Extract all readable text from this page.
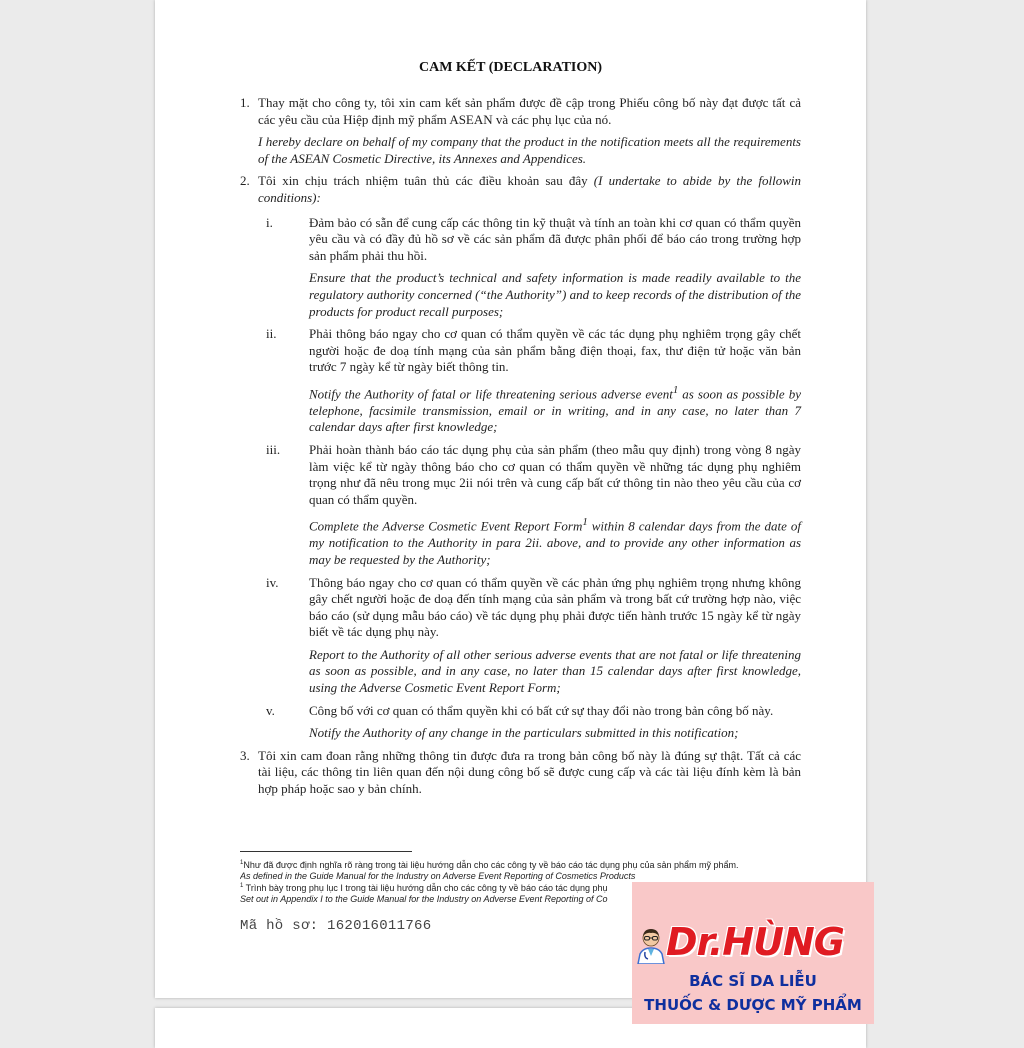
CAM KẾT (DECLARATION)
1. Thay mặt cho công ty, tôi xin cam kết sản phẩm được đề cập trong Phiếu công bố này đạt được tất cả các yêu cầu của Hiệp định mỹ phẩm ASEAN và các phụ lục của nó.

I hereby declare on behalf of my company that the product in the notification meets all the requirements of the ASEAN Cosmetic Directive, its Annexes and Appendices.

2. Tôi xin chịu trách nhiệm tuân thủ các điều khoản sau đây (I undertake to abide by the followin conditions):

i.	Đảm bảo có sẵn để cung cấp các thông tin kỹ thuật và tính an toàn khi cơ quan có thẩm quyền yêu cầu và có đầy đủ hồ sơ về các sản phẩm đã được phân phối để báo cáo trong trường hợp sản phẩm phải thu hồi.

Ensure that the product’s technical and safety information is made readily available to the regulatory authority concerned (“the Authority”) and to keep records of the distribution of the products for product recall purposes;

ii.	Phải thông báo ngay cho cơ quan có thẩm quyền về các tác dụng phụ nghiêm trọng gây chết người hoặc đe doạ tính mạng của sản phẩm bằng điện thoại, fax, thư điện tử hoặc văn bản trước 7 ngày kể từ ngày biết thông tin.

Notify the Authority of fatal or life threatening serious adverse event$^1$ as soon as possible by telephone, facsimile transmission, email or in writing, and in any case, no later than 7 calendar days after first knowledge;

iii. Phải hoàn thành báo cáo tác dụng phụ của sản phẩm (theo mẫu quy định) trong vòng 8 ngày làm việc kể từ ngày thông báo cho cơ quan có thẩm quyền về những tác dụng phụ nghiêm trọng như đã nêu trong mục 2ii nói trên và cung cấp bất cứ thông tin nào theo yêu cầu của cơ quan có thẩm quyền.

Complete the Adverse Cosmetic Event Report Form$^1$ within 8 calendar days from the date of my notification to the Authority in para 2ii. above, and to provide any other information as may be requested by the Authority;

iv. Thông báo ngay cho cơ quan có thẩm quyền về các phản ứng phụ nghiêm trọng nhưng không gây chết người hoặc đe doạ đến tính mạng của sản phẩm và trong bất cứ trường hợp nào, việc báo cáo (sử dụng mẫu báo cáo) về tác dụng phụ phải được tiến hành trước 15 ngày kể từ ngày biết về tác dụng phụ này.

Report to the Authority of all other serious adverse events that are not fatal or life threatening as soon as possible, and in any case, no later than 15 calendar days after first knowledge, using the Adverse Cosmetic Event Report Form;

v.	Công bố với cơ quan có thẩm quyền khi có bất cứ sự thay đổi nào trong bản công bố này.

Notify the Authority of any change in the particulars submitted in this notification;

3. Tôi xin cam đoan rằng những thông tin được đưa ra trong bản công bố này là đúng sự thật. Tất cả các tài liệu, các thông tin liên quan đến nội dung công bố sẽ được cung cấp và các tài liệu đính kèm là bản hợp pháp hoặc sao y bản chính.

$^1$Như đã được định nghĩa rõ ràng trong tài liệu hướng dẫn cho các công ty về báo cáo tác dụng phụ của sản phẩm mỹ phẩm.
As defined in the Guide Manual for the Industry on Adverse Event Reporting of Cosmetics Products
$^1$ Trình bày trong phụ lục I trong tài liệu hướng dẫn cho các công ty về báo cáo tác dụng phụ
Set out in Appendix I to the Guide Manual for the Industry on Adverse Event Reporting of Co
Mã hồ sơ: 162016011766	Dr.HÙNG
BÁC SĨ DA LIỄU
THUỐC & DƯỢC MỸ PHẨM
